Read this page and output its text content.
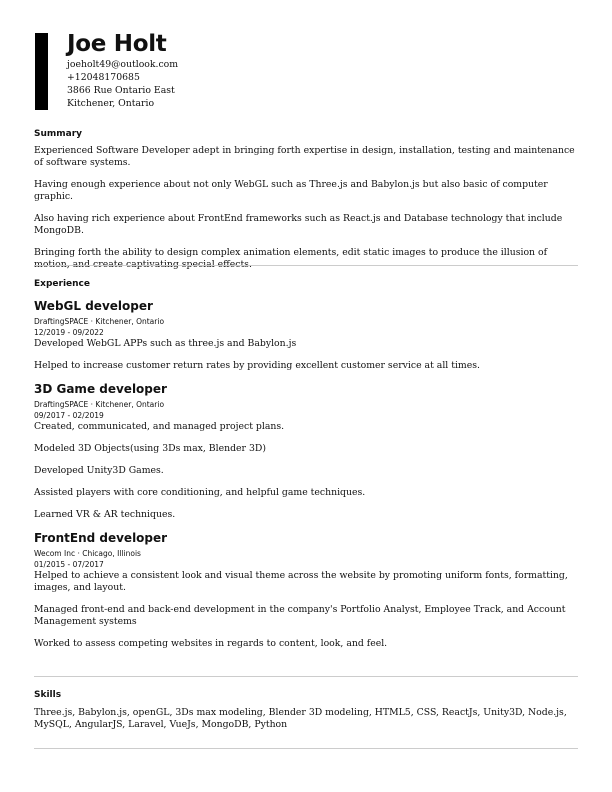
Joe Holt
joeholt49@outlook.com
+12048170685
3866 Rue Ontario East
Kitchener, Ontario
Summary

Experienced Software Developer adept in bringing forth expertise in design, installation, testing and maintenance of software systems.

Having enough experience about not only WebGL such as Three.js and Babylon.js but also basic of computer graphic.

Also having rich experience about FrontEnd frameworks such as React.js and Database technology that include MongoDB.

Bringing forth the ability to design complex animation elements, edit static images to produce the illusion of

Experience
WebGL developer
DraftingSPACE · Kitchener, Ontario
12/2019 - 09/2022

Developed WebGL APPs such as three.js and Babylon.js

Helped to increase customer return rates by providing excellent customer service at all times.

3D Game developer
DraftingSPACE · Kitchener, Ontario
09/2017 - 02/2019

Created, communicated, and managed project plans.

Modeled 3D Objects(using 3Ds max, Blender 3D)

Developed Unity3D Games.

Assisted players with core conditioning, and helpful game techniques.

Learned VR & AR techniques.

FrontEnd developer
Wecom Inc · Chicago, Illinois
01/2015 - 07/2017

Helped to achieve a consistent look and visual theme across the website by promoting uniform fonts, formatting, images, and layout.

Managed front-end and back-end development in the company's Portfolio Analyst, Employee Track, and Account Management systems

Worked to assess competing websites in regards to content, look, and feel.

Skills

Three.js, Babylon.js, openGL, 3Ds max modeling, Blender 3D modeling, HTML5, CSS, ReactJs, Unity3D, Node.js, MySQL, AngularJS, Laravel, VueJs, MongoDB, Python
